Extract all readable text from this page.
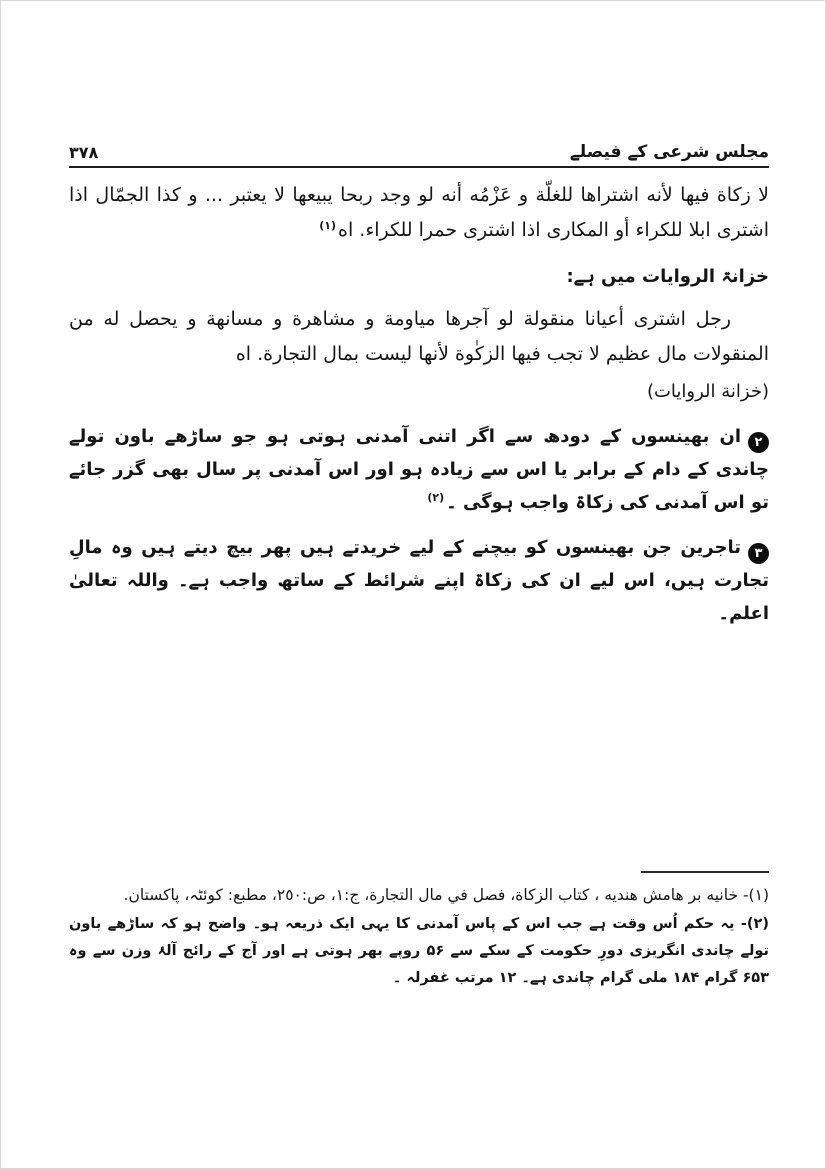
مجلس شرعی کے فیصلے
۳۷۸

لا زكاة فيها لأنه اشتراها للغلّة و عَزْمُه أنه لو وجد ربحا يبيعها لا يعتبر ... و كذا الجمّال اذا اشترى ابلا للكراء أو المكارى اذا اشترى حمرا للكراء. اه$^{(۱)}$

خزانۃ الروایات میں ہے:

رجل اشترى أعيانا منقولة لو آجرها مياومة و مشاهرة و مسانهة و يحصل له من المنقولات مال عظيم لا تجب فيها الزكٰوة لأنها ليست بمال التجارة. اه

(خزانة الروايات)

۲ان بھینسوں کے دودھ سے اگر اتنی آمدنی ہوتی ہو جو ساڑھے باون تولے چاندی کے دام کے برابر یا اس سے زیادہ ہو اور اس آمدنی پر سال بھی گزر جائے تو اس آمدنی کی زکاۃ واجب ہوگی ۔$^{(۲)}$

۳تاجرین جن بھینسوں کو بیچنے کے لیے خریدتے ہیں پھر بیچ دیتے ہیں وہ مالِ تجارت ہیں، اس لیے ان کی زکاۃ اپنے شرائط کے ساتھ واجب ہے۔ واللہ تعالیٰ اعلم۔

(١)- خانيه بر هامش هنديه ، كتاب الزكاة، فصل في مال التجارة، ج:١، ص:٢٥٠، مطبع: كوئٹہ، پاکستان.

(۲)- یہ حکم اُس وقت ہے جب اس کے پاس آمدنی کا یہی ایک ذریعہ ہو۔ واضح ہو کہ ساڑھے باون تولے چاندی انگریزی دورِ حکومت کے سکے سے ۵۶ روپے بھر ہوتی ہے اور آج کے رائج آلۂ وزن سے وہ ۶۵۳ گرام ۱۸۴ ملی گرام چاندی ہے۔ ۱۲ مرتب غفرلہ ۔
